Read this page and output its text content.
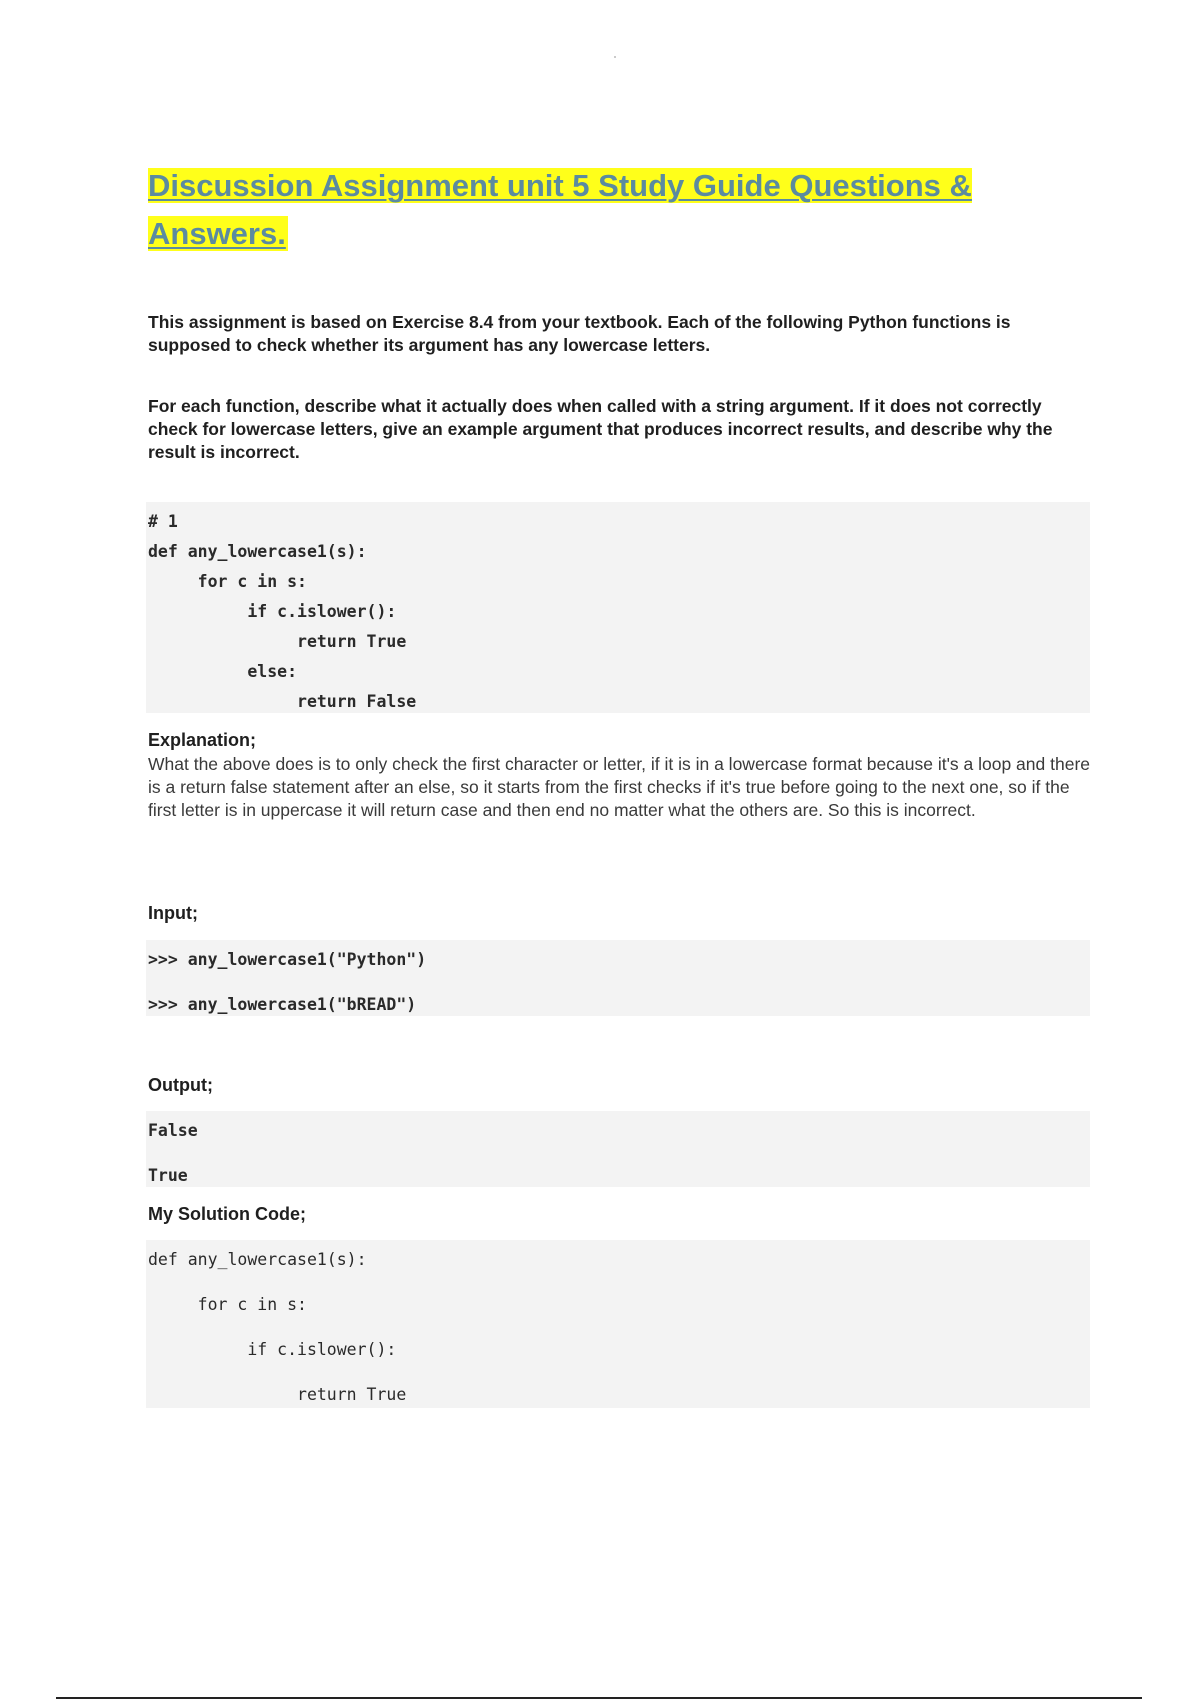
Discussion Assignment unit 5 Study Guide Questions & Answers.

This assignment is based on Exercise 8.4 from your textbook. Each of the following Python functions is supposed to check whether its argument has any lowercase letters.

For each function, describe what it actually does when called with a string argument. If it does not correctly check for lowercase letters, give an example argument that produces incorrect results, and describe why the result is incorrect.

# 1
def any_lowercase1(s):
for c in s:
if c.islower():
return True
else:
return False

Explanation;

What the above does is to only check the first character or letter, if it is in a lowercase format because it's a loop and there is a return false statement after an else, so it starts from the first checks if it's true before going to the next one, so if the first letter is in uppercase it will return case and then end no matter what the others are. So this is incorrect.

Input;

>>> any_lowercase1("Python")
>>> any_lowercase1("bREAD")

Output;

False
True

My Solution Code;

def any_lowercase1(s):
for c in s:
if c.islower():
return True
